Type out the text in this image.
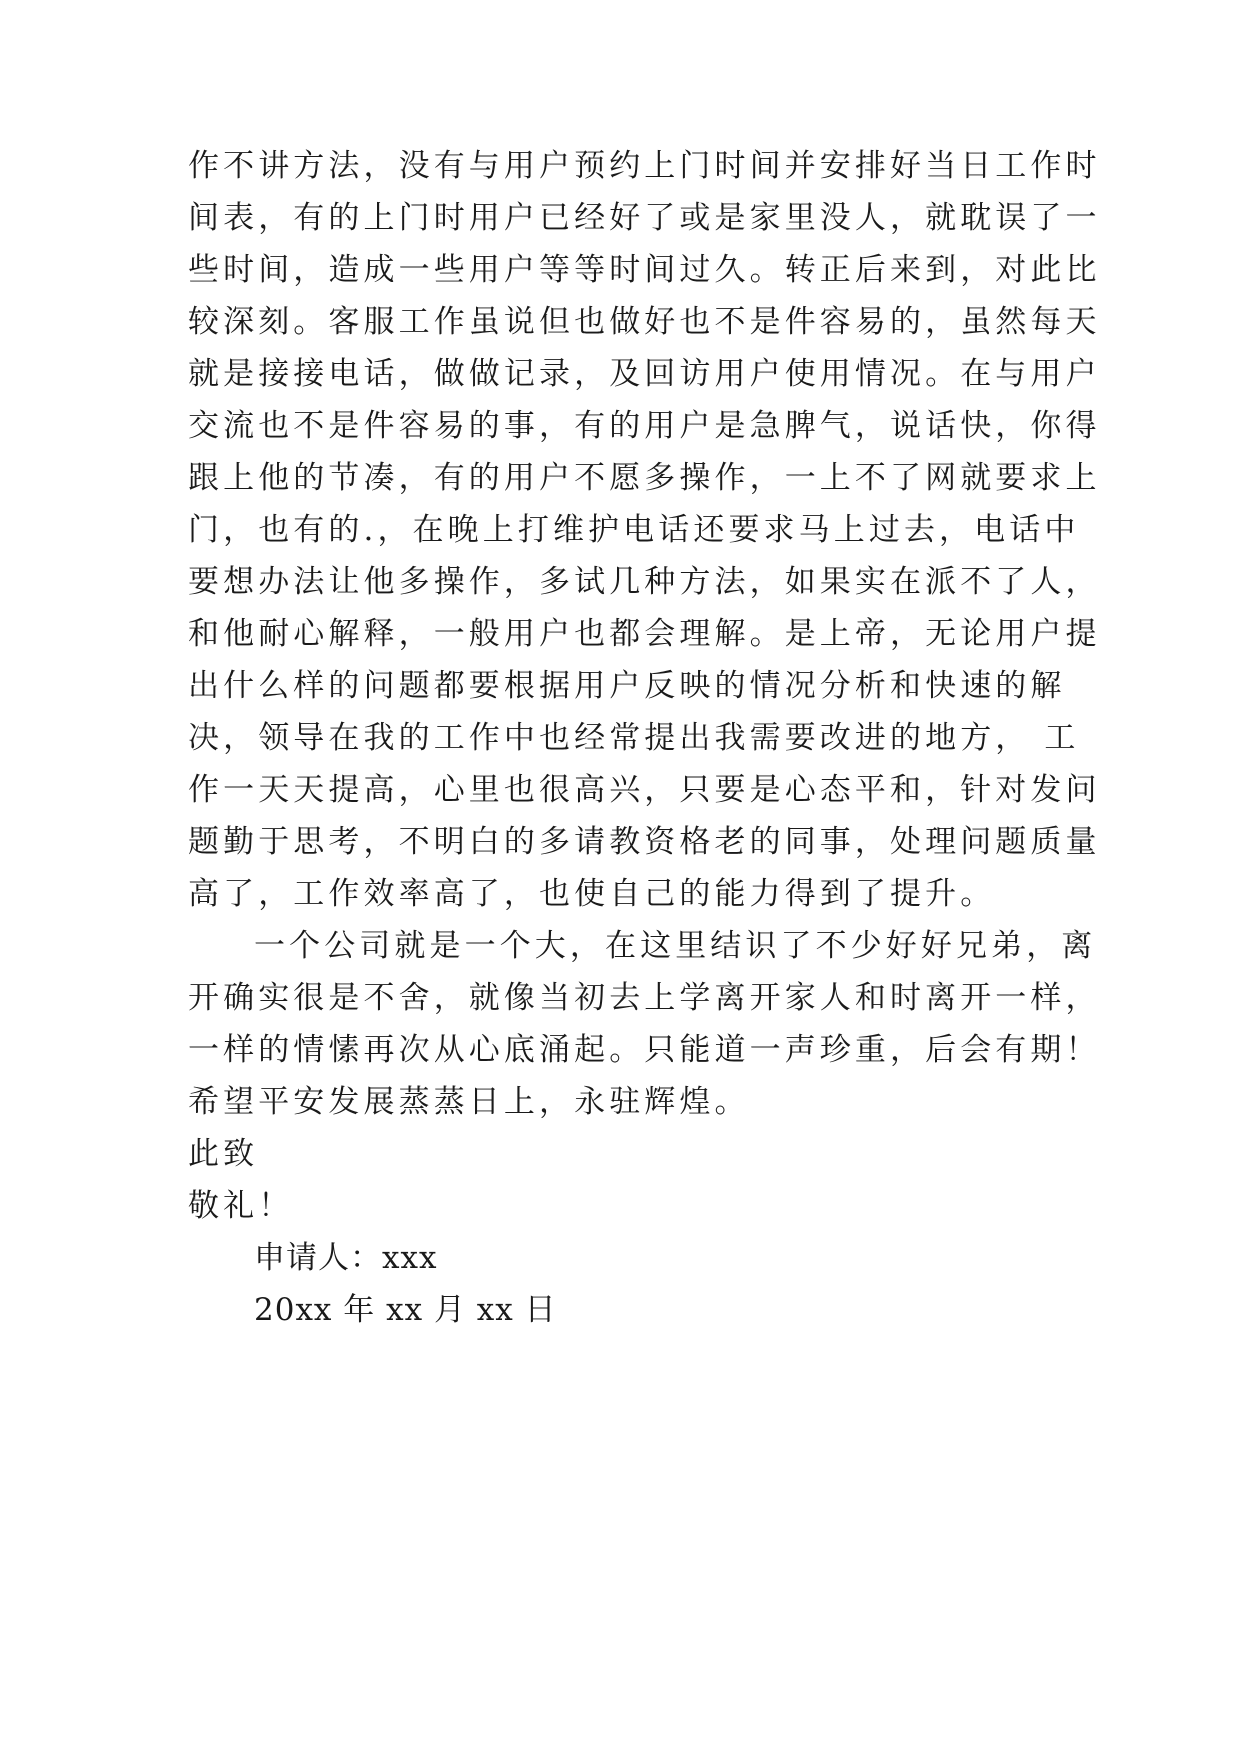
作不讲方法，没有与用户预约上门时间并安排好当日工作时
间表，有的上门时用户已经好了或是家里没人，就耽误了一
些时间，造成一些用户等等时间过久。转正后来到，对此比
较深刻。客服工作虽说但也做好也不是件容易的，虽然每天
就是接接电话，做做记录，及回访用户使用情况。在与用户
交流也不是件容易的事，有的用户是急脾气，说话快，你得
跟上他的节凑，有的用户不愿多操作，一上不了网就要求上
门，也有的.，在晚上打维护电话还要求马上过去，电话中
要想办法让他多操作，多试几种方法，如果实在派不了人，
和他耐心解释，一般用户也都会理解。是上帝，无论用户提
出什么样的问题都要根据用户反映的情况分析和快速的解
决，领导在我的工作中也经常提出我需要改进的地方， 工
作一天天提高，心里也很高兴，只要是心态平和，针对发问
题勤于思考，不明白的多请教资格老的同事，处理问题质量
高了，工作效率高了，也使自己的能力得到了提升。
一个公司就是一个大，在这里结识了不少好好兄弟，离
开确实很是不舍，就像当初去上学离开家人和时离开一样，
一样的情愫再次从心底涌起。只能道一声珍重，后会有期！
希望平安发展蒸蒸日上，永驻辉煌。
此致
敬礼！
申请人：xxx
20xx 年 xx 月 xx 日
